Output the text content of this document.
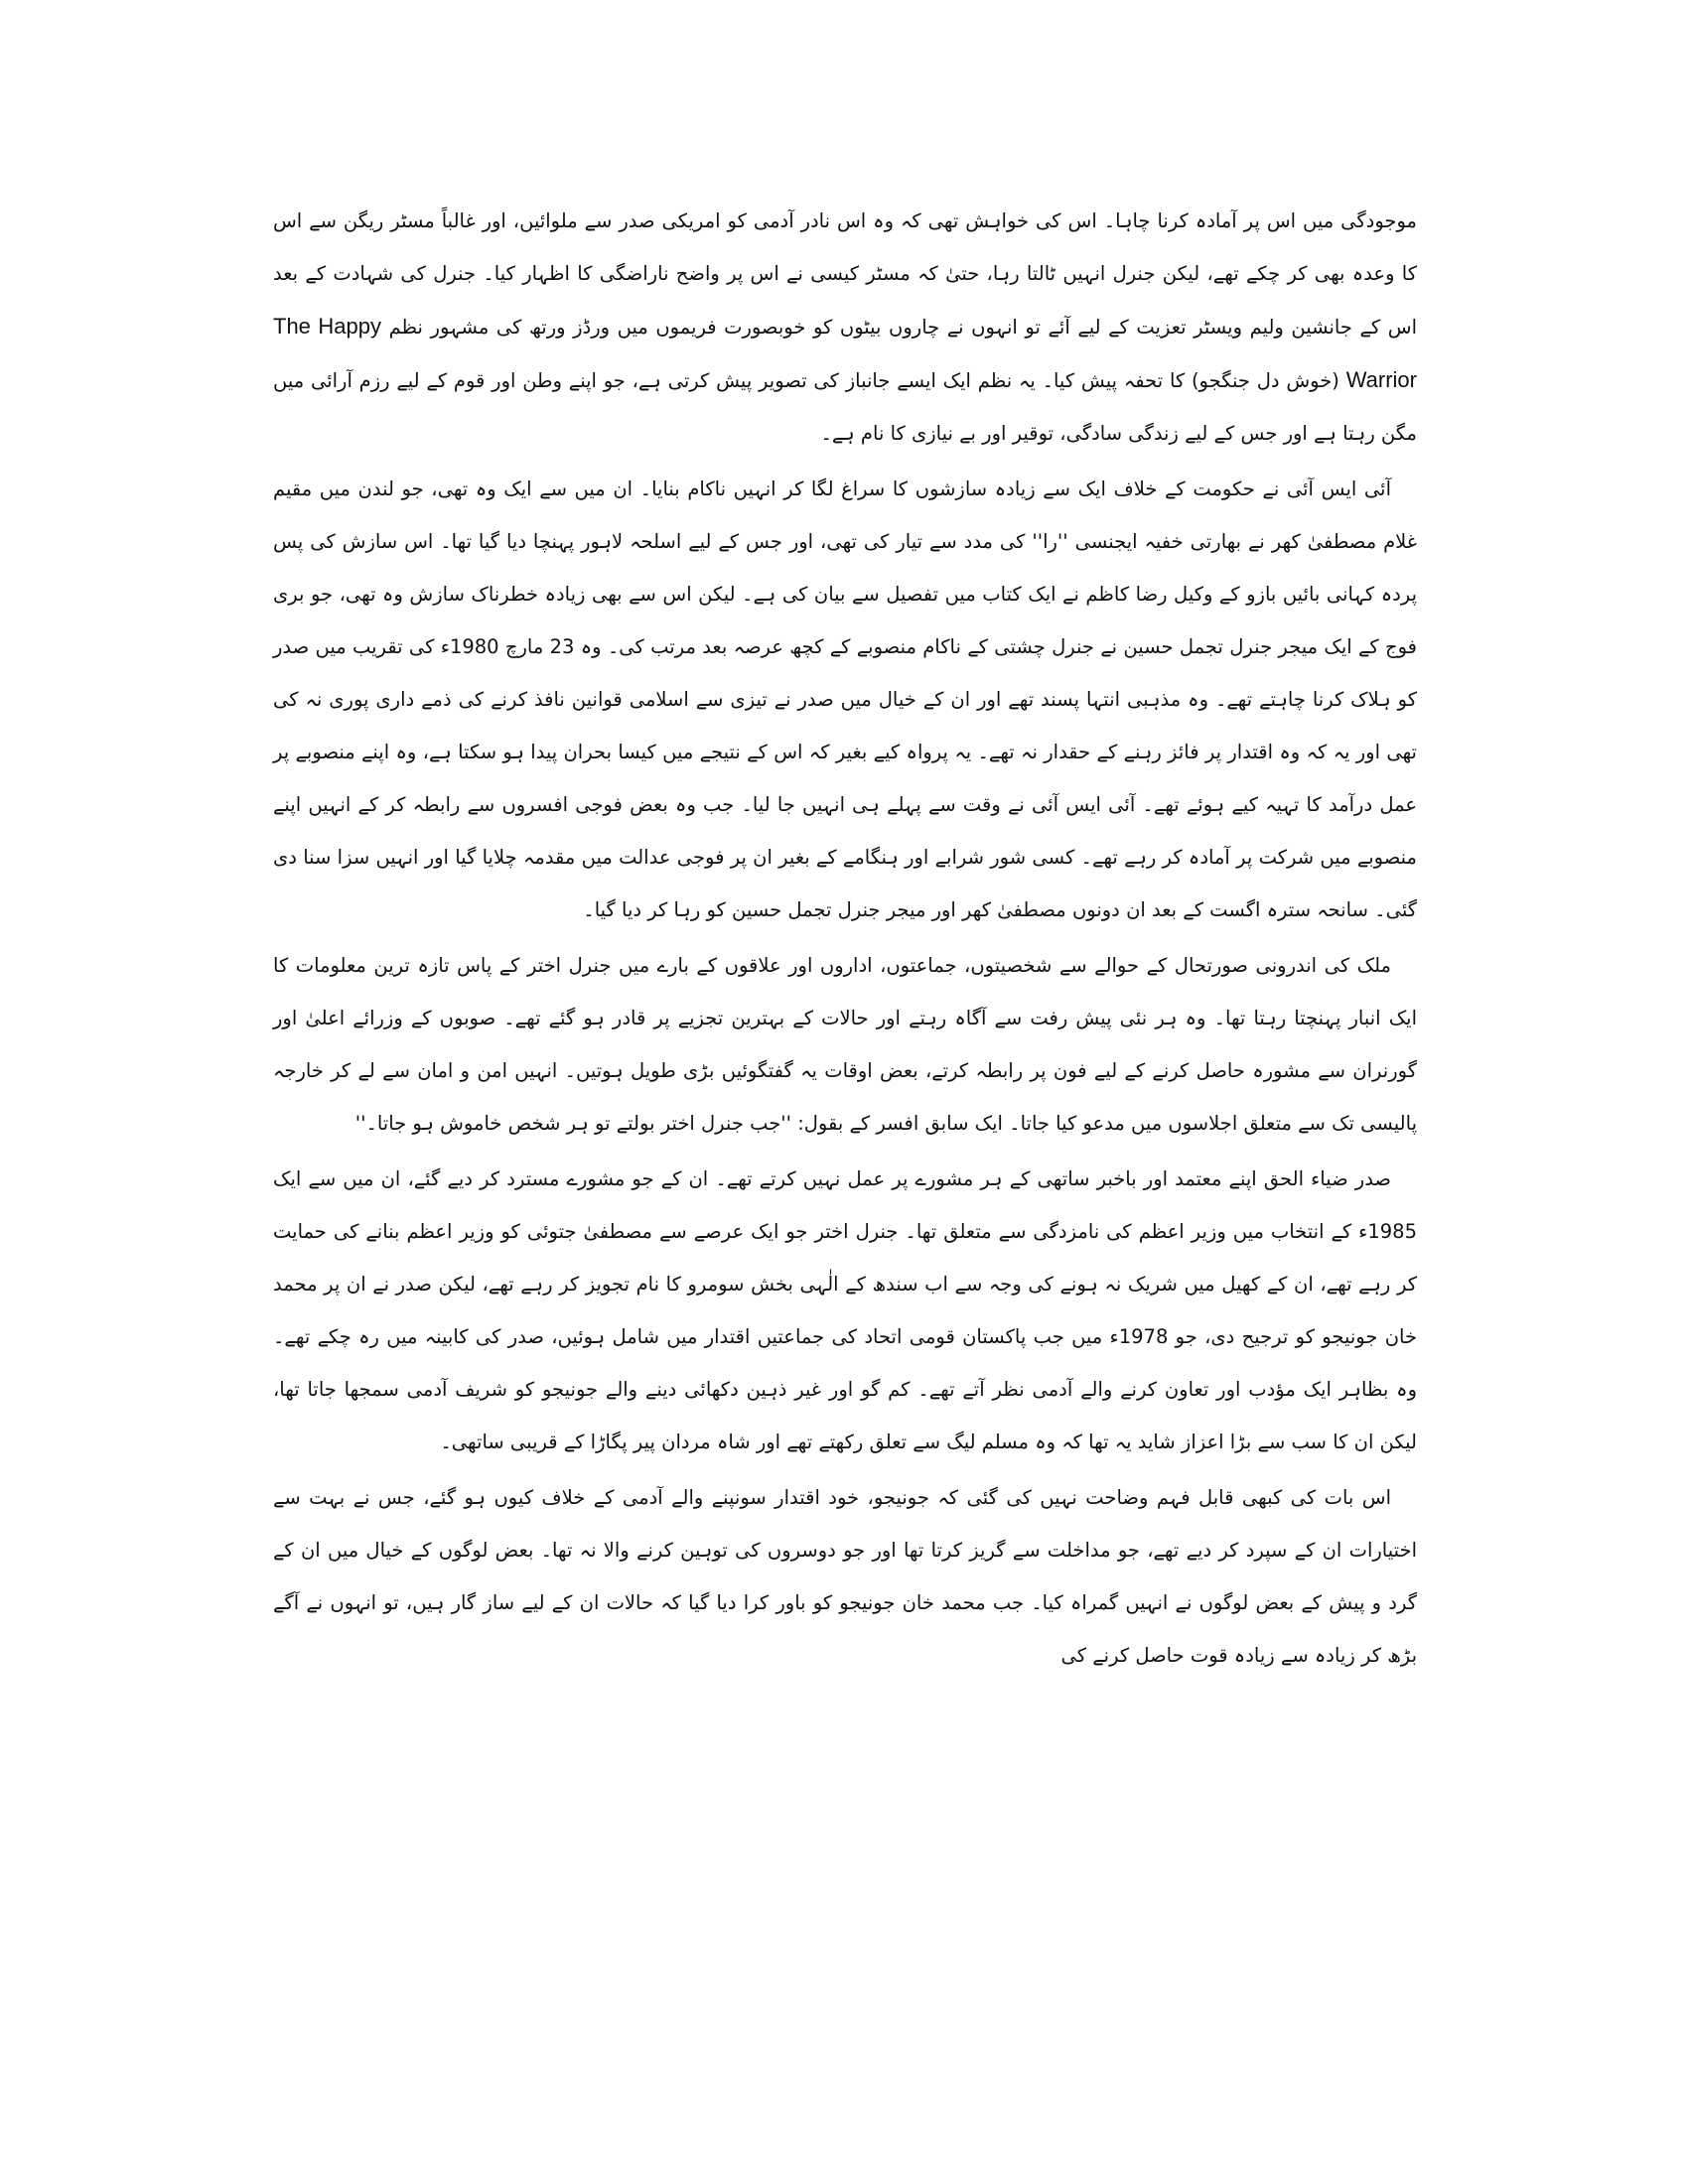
موجودگی میں اس پر آمادہ کرنا چاہا۔ اس کی خواہش تھی کہ وہ اس نادر آدمی کو امریکی صدر سے ملوائیں، اور غالباً مسٹر ریگن سے اس کا وعدہ بھی کر چکے تھے، لیکن جنرل انہیں ٹالتا رہا، حتیٰ کہ مسٹر کیسی نے اس پر واضح ناراضگی کا اظہار کیا۔ جنرل کی شہادت کے بعد اس کے جانشین ولیم ویسٹر تعزیت کے لیے آئے تو انہوں نے چاروں بیٹوں کو خوبصورت فریموں میں ورڈز ورتھ کی مشہور نظم The Happy Warrior (خوش دل جنگجو) کا تحفہ پیش کیا۔ یہ نظم ایک ایسے جانباز کی تصویر پیش کرتی ہے، جو اپنے وطن اور قوم کے لیے رزم آرائی میں مگن رہتا ہے اور جس کے لیے زندگی سادگی، توقیر اور بے نیازی کا نام ہے۔

آئی ایس آئی نے حکومت کے خلاف ایک سے زیادہ سازشوں کا سراغ لگا کر انہیں ناکام بنایا۔ ان میں سے ایک وہ تھی، جو لندن میں مقیم غلام مصطفیٰ کھر نے بھارتی خفیہ ایجنسی ''را'' کی مدد سے تیار کی تھی، اور جس کے لیے اسلحہ لاہور پہنچا دیا گیا تھا۔ اس سازش کی پس پردہ کہانی بائیں بازو کے وکیل رضا کاظم نے ایک کتاب میں تفصیل سے بیان کی ہے۔ لیکن اس سے بھی زیادہ خطرناک سازش وہ تھی، جو بری فوج کے ایک میجر جنرل تجمل حسین نے جنرل چشتی کے ناکام منصوبے کے کچھ عرصہ بعد مرتب کی۔ وہ 23 مارچ 1980ء کی تقریب میں صدر کو ہلاک کرنا چاہتے تھے۔ وہ مذہبی انتہا پسند تھے اور ان کے خیال میں صدر نے تیزی سے اسلامی قوانین نافذ کرنے کی ذمے داری پوری نہ کی تھی اور یہ کہ وہ اقتدار پر فائز رہنے کے حقدار نہ تھے۔ یہ پرواہ کیے بغیر کہ اس کے نتیجے میں کیسا بحران پیدا ہو سکتا ہے، وہ اپنے منصوبے پر عمل درآمد کا تہیہ کیے ہوئے تھے۔ آئی ایس آئی نے وقت سے پہلے ہی انہیں جا لیا۔ جب وہ بعض فوجی افسروں سے رابطہ کر کے انہیں اپنے منصوبے میں شرکت پر آمادہ کر رہے تھے۔ کسی شور شرابے اور ہنگامے کے بغیر ان پر فوجی عدالت میں مقدمہ چلایا گیا اور انہیں سزا سنا دی گئی۔ سانحہ سترہ اگست کے بعد ان دونوں مصطفیٰ کھر اور میجر جنرل تجمل حسین کو رہا کر دیا گیا۔

ملک کی اندرونی صورتحال کے حوالے سے شخصیتوں، جماعتوں، اداروں اور علاقوں کے بارے میں جنرل اختر کے پاس تازہ ترین معلومات کا ایک انبار پہنچتا رہتا تھا۔ وہ ہر نئی پیش رفت سے آگاہ رہتے اور حالات کے بہترین تجزیے پر قادر ہو گئے تھے۔ صوبوں کے وزرائے اعلیٰ اور گورنران سے مشورہ حاصل کرنے کے لیے فون پر رابطہ کرتے، بعض اوقات یہ گفتگوئیں بڑی طویل ہوتیں۔ انہیں امن و امان سے لے کر خارجہ پالیسی تک سے متعلق اجلاسوں میں مدعو کیا جاتا۔ ایک سابق افسر کے بقول: ''جب جنرل اختر بولتے تو ہر شخص خاموش ہو جاتا۔''

صدر ضیاء الحق اپنے معتمد اور باخبر ساتھی کے ہر مشورے پر عمل نہیں کرتے تھے۔ ان کے جو مشورے مسترد کر دیے گئے، ان میں سے ایک 1985ء کے انتخاب میں وزیر اعظم کی نامزدگی سے متعلق تھا۔ جنرل اختر جو ایک عرصے سے مصطفیٰ جتوئی کو وزیر اعظم بنانے کی حمایت کر رہے تھے، ان کے کھیل میں شریک نہ ہونے کی وجہ سے اب سندھ کے الٰہی بخش سومرو کا نام تجویز کر رہے تھے، لیکن صدر نے ان پر محمد خان جونیجو کو ترجیح دی، جو 1978ء میں جب پاکستان قومی اتحاد کی جماعتیں اقتدار میں شامل ہوئیں، صدر کی کابینہ میں رہ چکے تھے۔ وہ بظاہر ایک مؤدب اور تعاون کرنے والے آدمی نظر آتے تھے۔ کم گو اور غیر ذہین دکھائی دینے والے جونیجو کو شریف آدمی سمجھا جاتا تھا، لیکن ان کا سب سے بڑا اعزاز شاید یہ تھا کہ وہ مسلم لیگ سے تعلق رکھتے تھے اور شاہ مردان پیر پگاڑا کے قریبی ساتھی۔

اس بات کی کبھی قابل فہم وضاحت نہیں کی گئی کہ جونیجو، خود اقتدار سونپنے والے آدمی کے خلاف کیوں ہو گئے، جس نے بہت سے اختیارات ان کے سپرد کر دیے تھے، جو مداخلت سے گریز کرتا تھا اور جو دوسروں کی توہین کرنے والا نہ تھا۔ بعض لوگوں کے خیال میں ان کے گرد و پیش کے بعض لوگوں نے انہیں گمراہ کیا۔ جب محمد خان جونیجو کو باور کرا دیا گیا کہ حالات ان کے لیے ساز گار ہیں، تو انہوں نے آگے بڑھ کر زیادہ سے زیادہ قوت حاصل کرنے کی
